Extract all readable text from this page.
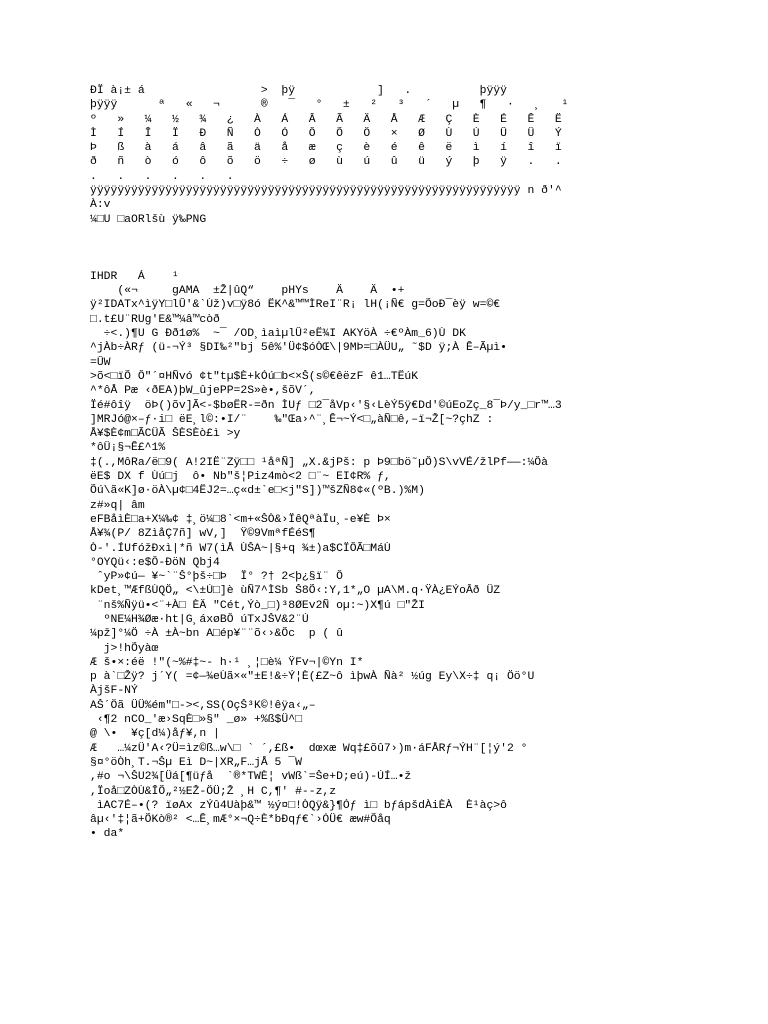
ÐÏ à¡± á                 >  þÿ            ]   .          þÿÿÿ
þÿÿÿ      ª   «   ¬      ®   ¯   °   ±   ²   ³   ´   µ   ¶   ·   ¸   ¹
º   »   ¼   ½   ¾   ¿   À   Á   Â   Ã   Ä   Å   Æ   Ç   È   É   Ê   Ë
Ì   Í   Î   Ï   Ð   Ñ   Ò   Ó   Ô   Õ   Ö   ×   Ø   Ù   Ú   Û   Ü   Ý
Þ   ß   à   á   â   ã   ä   å   æ   ç   è   é   ê   ë   ì   í   î   ï
ð   ñ   ò   ó   ô   õ   ö   ÷   ø   ù   ú   û   ü   ý   þ   ÿ   .   .
.   .   .   .   .   .
ÿÿÿÿÿÿÿÿÿÿÿÿÿÿÿÿÿÿÿÿÿÿÿÿÿÿÿÿÿÿÿÿÿÿÿÿÿÿÿÿÿÿÿÿÿÿÿÿÿÿÿÿÿÿÿÿÿÿÿÿÿÿÿ n ð'^
À:v
¼□U □aORlšù ÿ‰PNG
IHDR   Á    ¹
(«¬     gAMA  ±Ž|ûQ“    pHYs    Ä    Ä  •+
ÿ²IDATx^ìÿY□lÛ'&`Ùž)v□ÿ8ó ËK^&™™ÌReI¨R¡ lH(¡Ñ€ g=ÕoÐ¯èÿ w=©€
□.t£U¨RUg'E&™¼â™còð
÷<.)¶U G Ðð1ø%  ~¯ /OD¸ìaìµlÛ²eË¾I AKYöÀ ÷€ºÀm_6)Ù DK
^jÀb÷ÀRƒ (ü-¬Ý³ §DI‰²"bj 5ê%'Ü¢$óÒŒ\|9MÞ=□ÀÜU„ ˜$D ÿ;À Ê–Ãµì•
=ÛW
>õ<□ïÕ Ô"´¤HÑvó ¢t"tµ$È+kÓú□b<×Š(s©€êëzF ê1…TËúK
^*ôÅ Pæ ‹ðEA)þW_ûjePP=2S»è•,šõV´,
Ïé#ôîÿ  öÞ()õv]Ã<-$bøËR-=ðn ÌUƒ □2¯åVp‹'§‹LèÝ5ÿ€Dd'©úEoZç_8¯Þ/y_□r™…3
]MRJó@×–ƒ·i□ ëE¸l©:•I/¨    ‰"Œa›^¨¸Ê¬~Ý<□„àÑ□ê,–ï¬Ž[~?çhZ :
Å¥$È¢m□ÃCÜÃ ŠÈSÈò£ì >y
*ôÜ¡§¬Ê£^1%
‡(.,MôRa/ë□9( A!2IË¨Zÿ□□ ¹åªÑ] „X.&jPš: p Þ9□bö˜µÔ)S\vVÉ/žlPf——:¼Ôà
ëE$ DX f Ùú□j  ô• Nb"š¦Piz4mò<2 □¨~ EI¢R% ƒ,
Õú\ã«K]ø·öÀ\µ¢□4ËJ2=…ç«d±`e□<j"S])™šZÑ8¢«(ºB.)%M)
z#»q| âm
eFBåìÈ□a+X¼‰¢ ‡¸ö¼□8`<m+«ŠÒ&›ÏêQªàÏu¸-e¥È Þ×
Å¥¾(P/ 8ZìåÇ7ñ] wV,]  Ÿ©9VmªfÉéS¶
Ò-'.ÍUfóžÐxì|*ñ W7(ìÅ ÙŠA~|§+q ¾±)a$CÏÔÃ□MáÙ
°OYQü‹:e$Ô-ÐöN Qbj4
ˆyP»¢ú— ¥~`¨Š°þš÷□Þ  Ï° ?† 2<þ¿§ï¨ Ô
kDet¸™ÆfßÙQÖ„ <\±Ú□]è ùÑ7^ÌSb Š8Õ‹:Y,1*„O µA\M.q·ŸÀ¿EÝoÂð ÜZ
¨nš%Ñÿü•<¨+À□ ÈÄ "Cét,Ýò_□)³8ØEv2Ñ oµ:~)X¶ú □"ŽI
ºNE¼H¾Øæ·ht|G¸áxøBÔ úTxJŠV&2¨Ú
¼pž]°¼Ö ÷À ±À~bn A□ép¥¨¨õ‹›&Õc  p ( û
j>!hÕyàœ
Æ š•×:éë !"(~%#‡~- h·¹ ¸¦□è¼ ŸFv¬|©Yn I*
p à`□Žÿ? j´Y( =¢—¾eÙã×«"±E!&÷Ý¦È(£Z~ô ìþwÀ Ñà² ½úg Ey\X÷‡ q¡ Öö°U
ÀjšF-NÝ
AŠ´Öã ÜÜ%ém"□-><,SS(OçŠ³K©!êÿa‹„–
‹¶2 nCO_'æ›SqÈ□»§" _ø» +%ß$Ü^□
@ \•  ¥ç[d¼)åƒ¥,n |
Æ   …¼zÜ'A‹?Ü=ìz©ß…w\□ ` ´,£ß•  dœxæ Wq‡£õû7›)m·áFÅRƒ¬ÝH¨[¦ý'2 °
§¤°öÒh¸T.¬Šµ Eì D~|XR„F…jÅ 5 ¯W
,#o ¬\ŠU2¾[Üá[¶üƒå  `®*TWÈ¦ vWß`=Še+D;eú)-ÚÍ…•ž
,Ïoå□ZÒÙ&ÎÕ„²½EŽ-ÖÜ;Ž ¸H C,¶' #--z,z
ìAC7É–•(? ïøAx zÝû4Uàþ&™ ½ý¤□!ÒQÿ&}¶Óƒ ì□ bƒápšdÀiÈÀ  È¹àç>ô
âµ‹'‡¦ã+ÕKò®² <…Ê¸mÆ°×¬Q÷È*bÐqƒ€`›ÓÜ€ æw#Õåq
• da*
